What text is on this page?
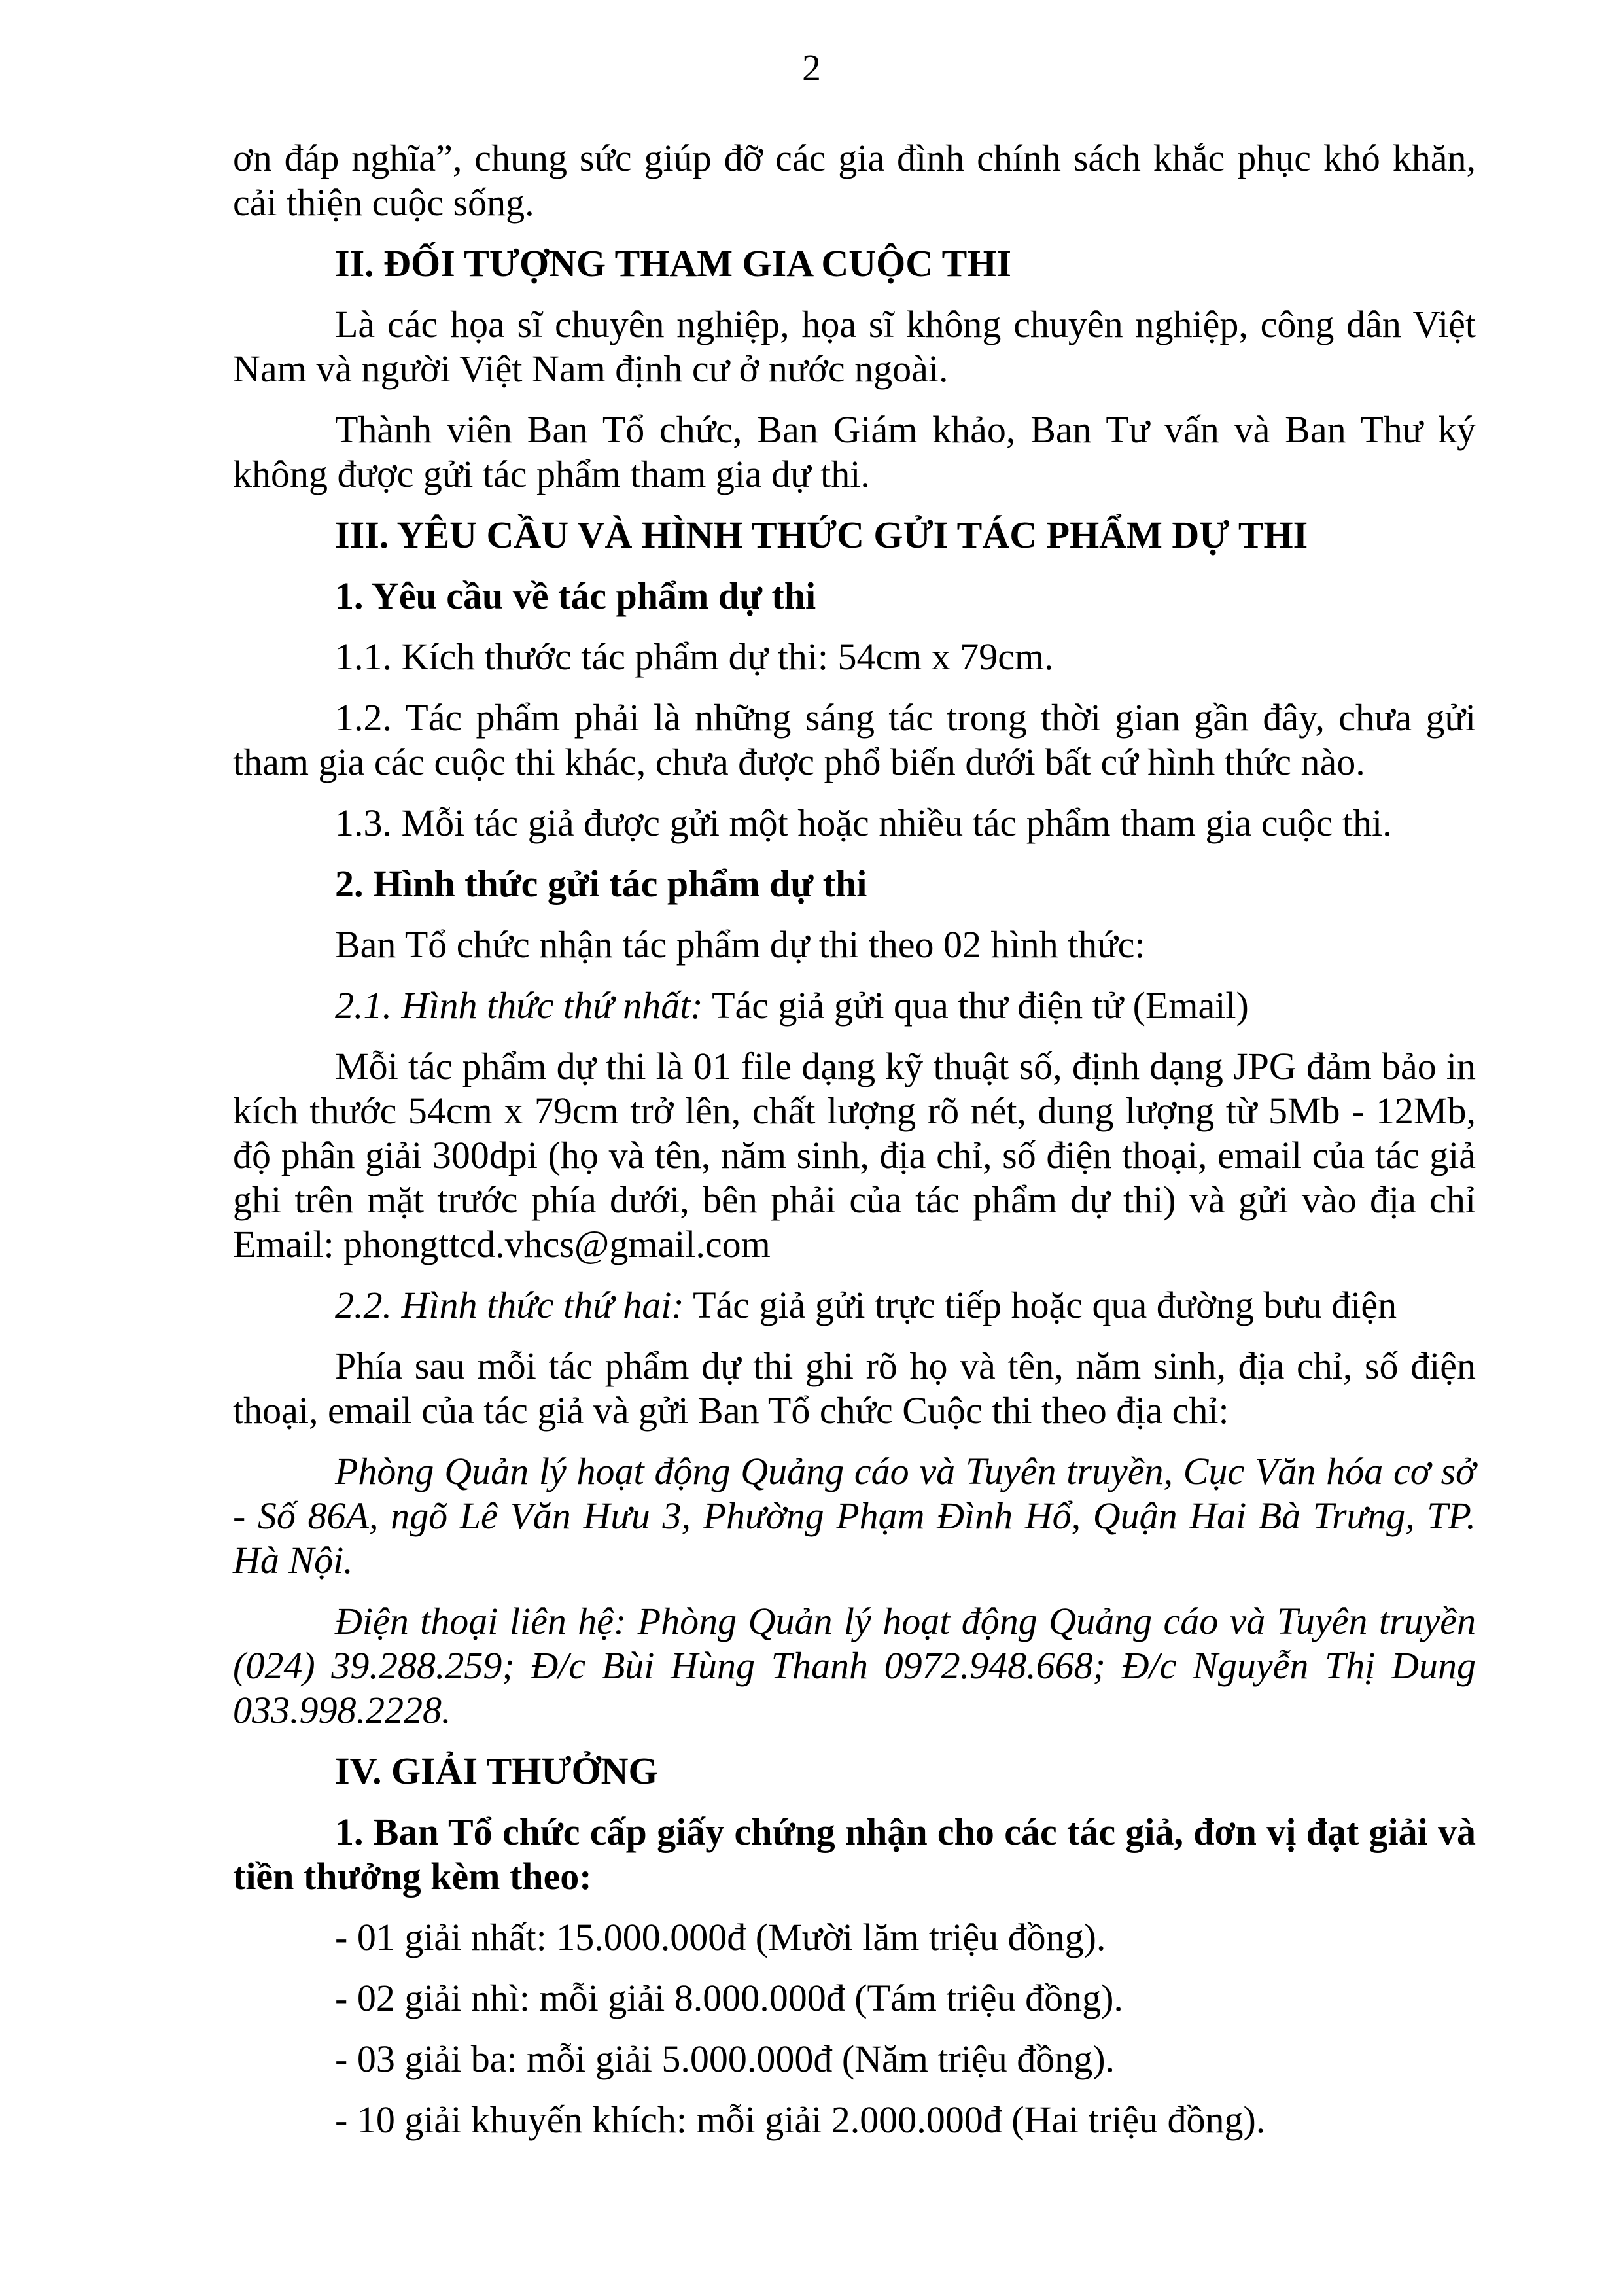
2

ơn đáp nghĩa”, chung sức giúp đỡ các gia đình chính sách khắc phục khó khăn, cải thiện cuộc sống.

II. ĐỐI TƯỢNG THAM GIA CUỘC THI

Là các họa sĩ chuyên nghiệp, họa sĩ không chuyên nghiệp, công dân Việt Nam và người Việt Nam định cư ở nước ngoài.

Thành viên Ban Tổ chức, Ban Giám khảo, Ban Tư vấn và Ban Thư ký không được gửi tác phẩm tham gia dự thi.

III. YÊU CẦU VÀ HÌNH THỨC GỬI TÁC PHẨM DỰ THI

1. Yêu cầu về tác phẩm dự thi

1.1. Kích thước tác phẩm dự thi: 54cm x 79cm.

1.2. Tác phẩm phải là những sáng tác trong thời gian gần đây, chưa gửi tham gia các cuộc thi khác, chưa được phổ biến dưới bất cứ hình thức nào.

1.3. Mỗi tác giả được gửi một hoặc nhiều tác phẩm tham gia cuộc thi.

2. Hình thức gửi tác phẩm dự thi

Ban Tổ chức nhận tác phẩm dự thi theo 02 hình thức:

2.1. Hình thức thứ nhất: Tác giả gửi qua thư điện tử (Email)

Mỗi tác phẩm dự thi là 01 file dạng kỹ thuật số, định dạng JPG đảm bảo in kích thước 54cm x 79cm trở lên, chất lượng rõ nét, dung lượng từ 5Mb - 12Mb, độ phân giải 300dpi (họ và tên, năm sinh, địa chỉ, số điện thoại, email của tác giả ghi trên mặt trước phía dưới, bên phải của tác phẩm dự thi) và gửi vào địa chỉ Email: phongttcd.vhcs@gmail.com

2.2. Hình thức thứ hai: Tác giả gửi trực tiếp hoặc qua đường bưu điện

Phía sau mỗi tác phẩm dự thi ghi rõ họ và tên, năm sinh, địa chỉ, số điện thoại, email của tác giả và gửi Ban Tổ chức Cuộc thi theo địa chỉ:

Phòng Quản lý hoạt động Quảng cáo và Tuyên truyền, Cục Văn hóa cơ sở - Số 86A, ngõ Lê Văn Hưu 3, Phường Phạm Đình Hổ, Quận Hai Bà Trưng, TP. Hà Nội.

Điện thoại liên hệ: Phòng Quản lý hoạt động Quảng cáo và Tuyên truyền (024) 39.288.259; Đ/c Bùi Hùng Thanh 0972.948.668; Đ/c Nguyễn Thị Dung 033.998.2228.

IV. GIẢI THƯỞNG

1. Ban Tổ chức cấp giấy chứng nhận cho các tác giả, đơn vị đạt giải và tiền thưởng kèm theo:

- 01 giải nhất: 15.000.000đ (Mười lăm triệu đồng).

- 02 giải nhì: mỗi giải 8.000.000đ (Tám triệu đồng).

- 03 giải ba: mỗi giải 5.000.000đ (Năm triệu đồng).

- 10 giải khuyến khích: mỗi giải 2.000.000đ (Hai triệu đồng).
